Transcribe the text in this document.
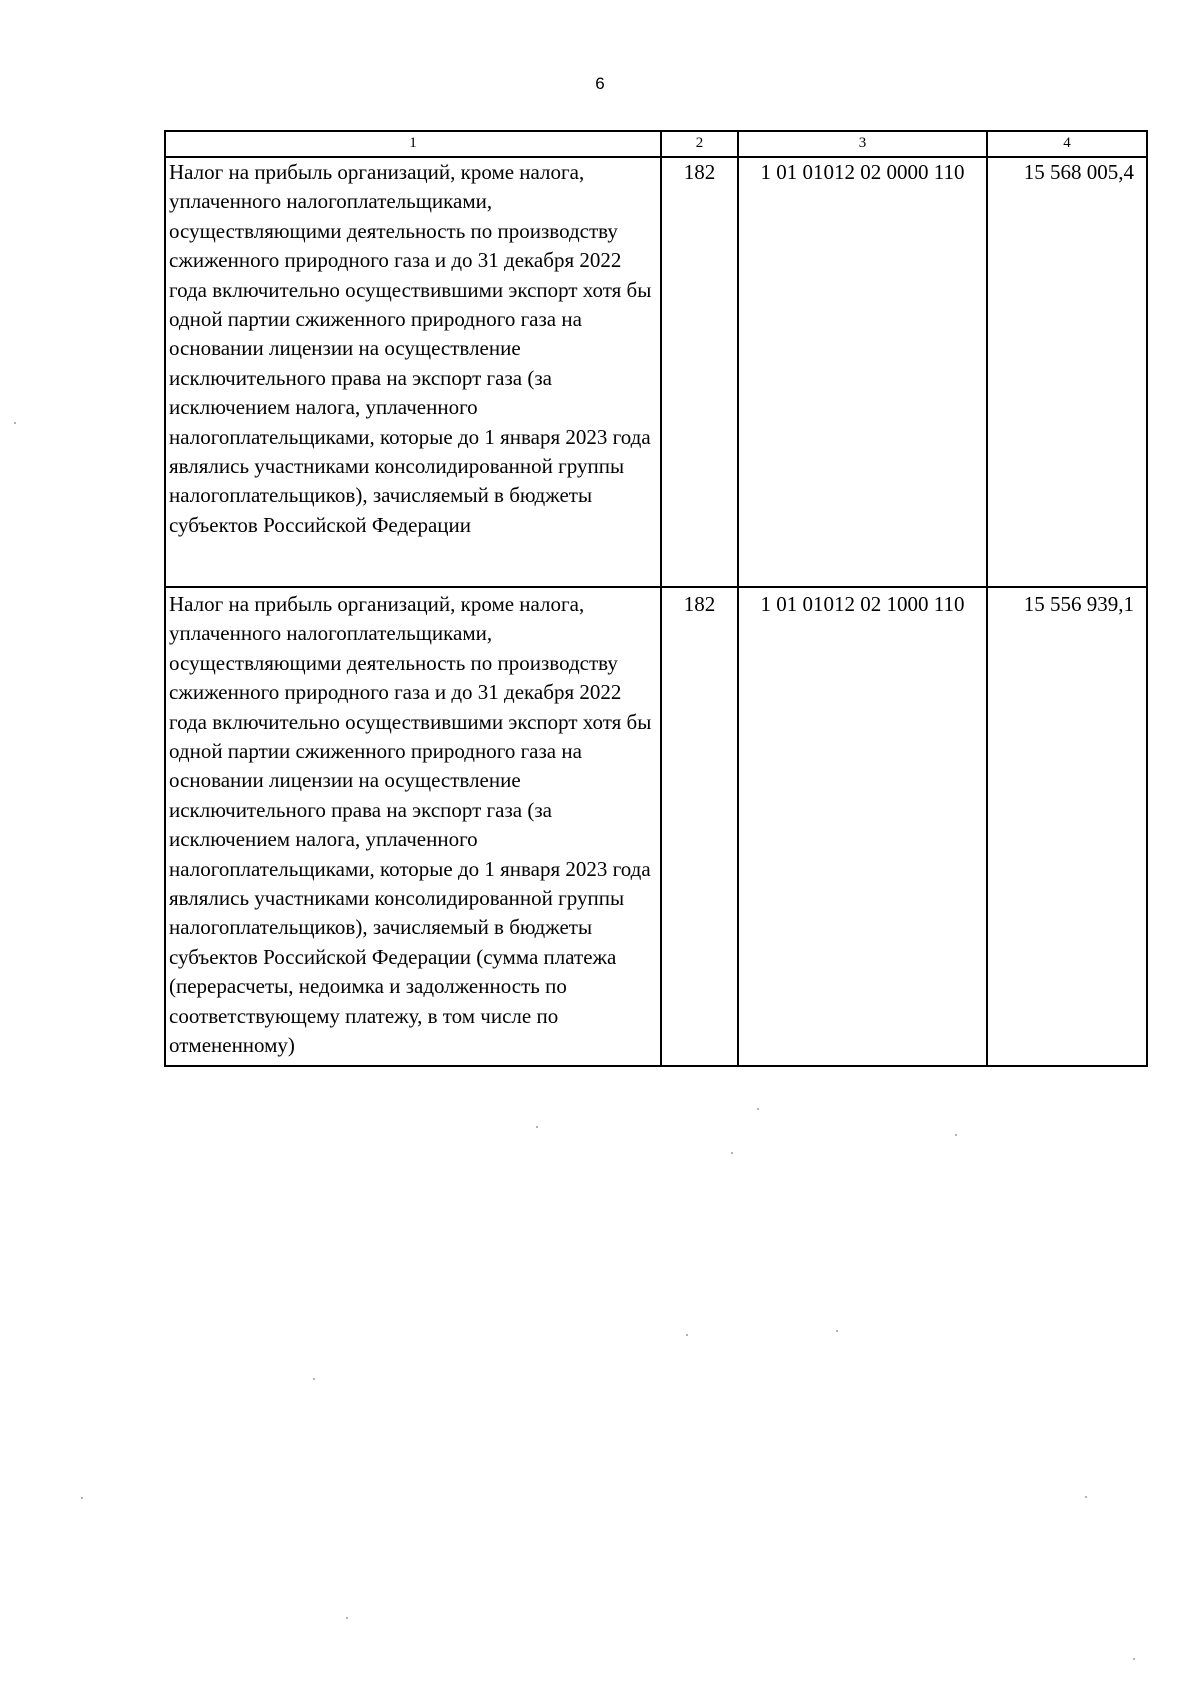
6
1	2	3	4
Налог на прибыль организаций, кроме налога, уплаченного налогоплательщиками, осуществляющими деятельность по производству сжиженного природного газа и до 31 декабря 2022 года включительно осуществившими экспорт хотя бы одной партии сжиженного природного газа на основании лицензии на осуществление исключительного права на экспорт газа (за исключением налога, уплаченного налогоплательщиками, которые до 1 января 2023 года являлись участниками консолидированной группы налогоплательщиков), зачисляемый в бюджеты субъектов Российской Федерации	182	1 01 01012 02 0000 110	15 568 005,4
Налог на прибыль организаций, кроме налога, уплаченного налогоплательщиками, осуществляющими деятельность по производству сжиженного природного газа и до 31 декабря 2022 года включительно осуществившими экспорт хотя бы одной партии сжиженного природного газа на основании лицензии на осуществление исключительного права на экспорт газа (за исключением налога, уплаченного налогоплательщиками, которые до 1 января 2023 года являлись участниками консолидированной группы налогоплательщиков), зачисляемый в бюджеты субъектов Российской Федерации (сумма платежа (перерасчеты, недоимка и задолженность по соответствующему платежу, в том числе по отмененному)	182	1 01 01012 02 1000 110	15 556 939,1
